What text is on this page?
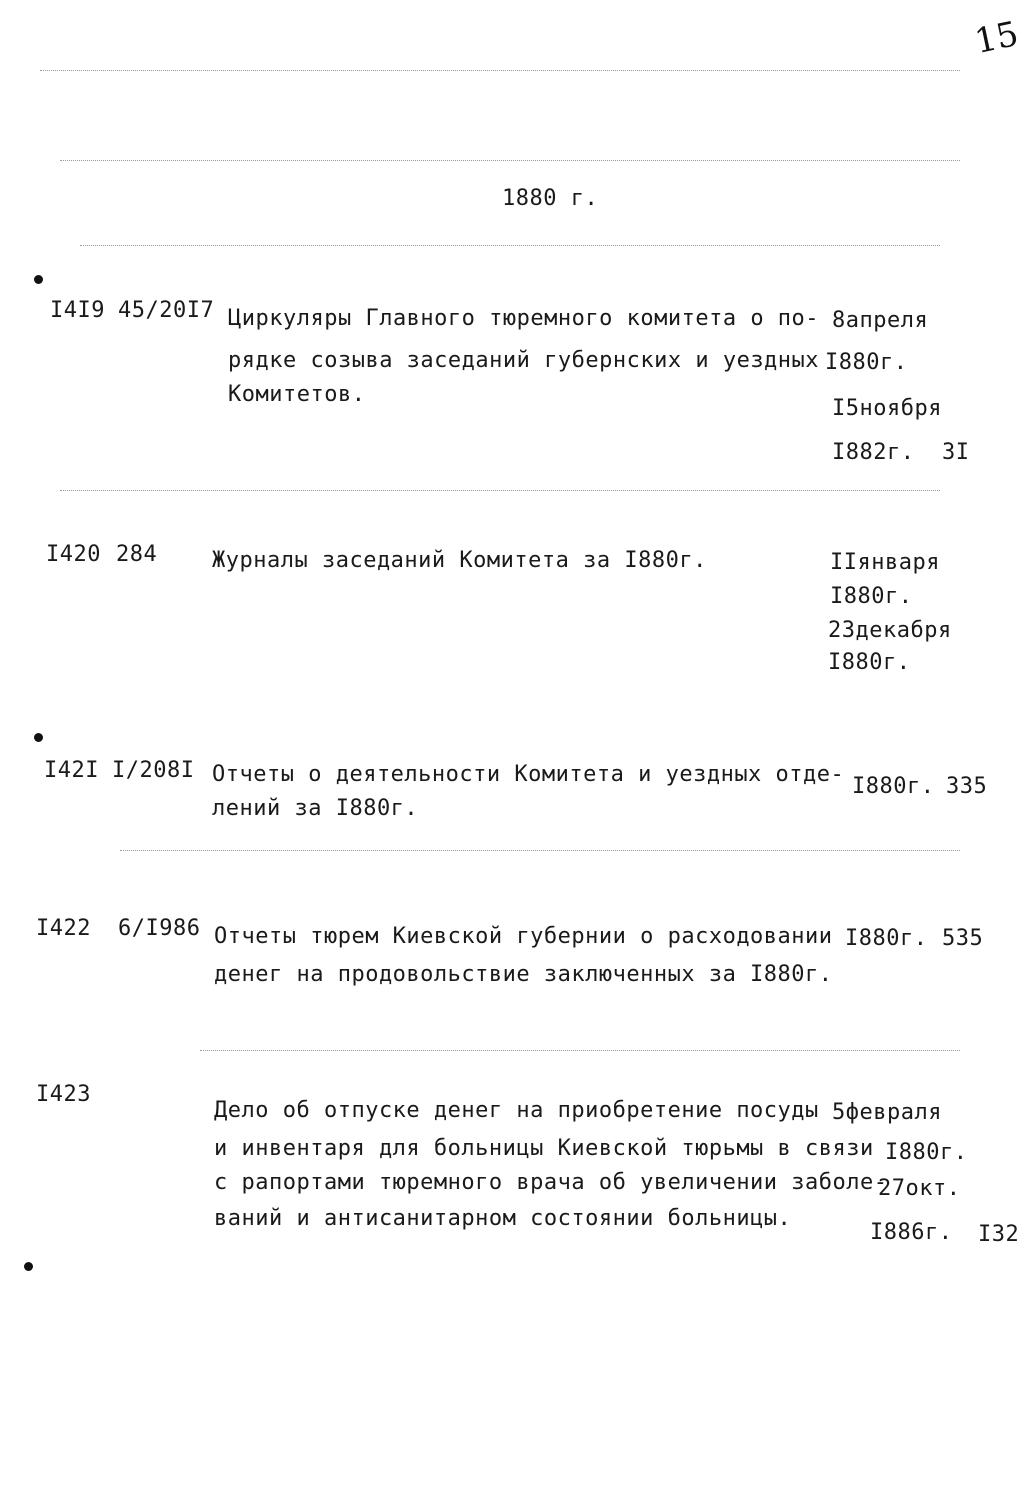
15
1880 г.
I4I9 45/20I7 Циркуляры Главного тюремного комитета о по-
рядке созыва заседаний губернских и уездных
Комитетов.
8апреля
I880г.
I5ноября
I882г. 3I
I420 284 Журналы заседаний Комитета за I880г.	IIянваря
I880г.
23декабря
I880г.
I42I I/208I Отчеты о деятельности Комитета и уездных отде-
лений за I880г.
I880г. 335
I422 6/I986 Отчеты тюрем Киевской губернии о расходовании
денег на продовольствие заключенных за I880г.
I880г. 535
I423
Дело об отпуске денег на приобретение посуды
и инвентаря для больницы Киевской тюрьмы в связи
с рапортами тюремного врача об увеличении заболе-
ваний и антисанитарном состоянии больницы.
5февраля
I880г.
27окт.
I886г. I32
